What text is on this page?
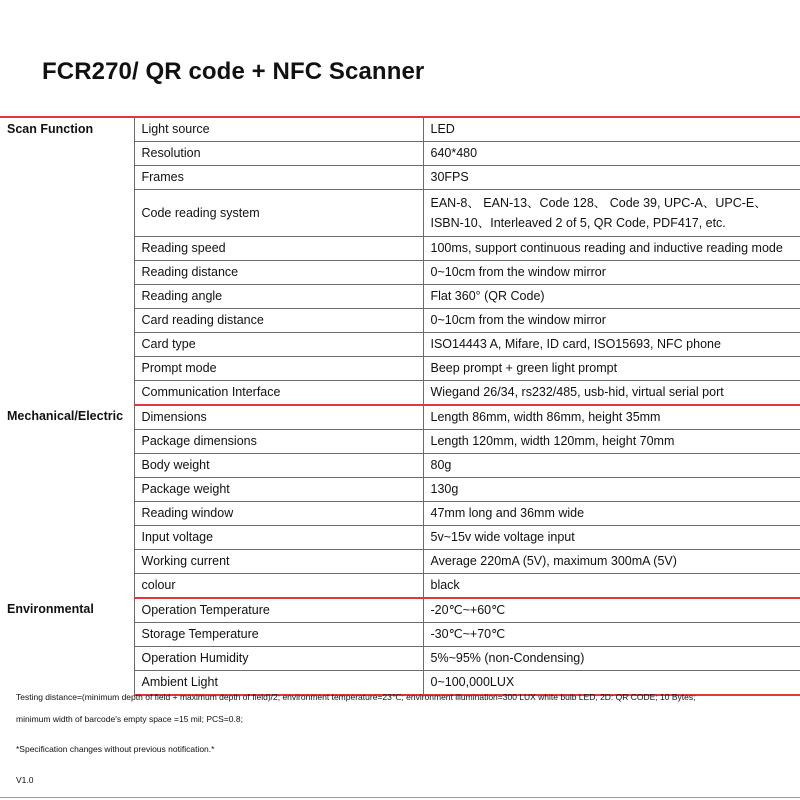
FCR270/ QR code + NFC Scanner
Scan Function	Light source	LED
	Resolution	640*480
	Frames	30FPS
	Code reading system	EAN-8、 EAN-13、Code 128、 Code 39, UPC-A、UPC-E、
ISBN-10、Interleaved 2 of 5, QR Code, PDF417, etc.

	Reading speed	100ms, support continuous reading and inductive reading mode
	Reading distance	0~10cm from the window mirror
	Reading angle	Flat 360° (QR Code)
	Card reading distance	0~10cm from the window mirror
	Card type	ISO14443 A, Mifare, ID card, ISO15693, NFC phone
	Prompt mode	Beep prompt + green light prompt
	Communication Interface	Wiegand 26/34, rs232/485, usb-hid, virtual serial port
Mechanical/Electric	Dimensions	Length 86mm, width 86mm, height 35mm
	Package dimensions	Length 120mm, width 120mm, height 70mm
	Body weight	80g
	Package weight	130g
	Reading window	47mm long and 36mm wide
	Input voltage	5v~15v wide voltage input
	Working current	Average 220mA (5V), maximum 300mA (5V)
	colour	black
Environmental	Operation Temperature	-20℃~+60℃
	Storage Temperature	-30℃~+70℃
	Operation Humidity	5%~95% (non-Condensing)
	Ambient Light	0~100,000LUX
Testing distance=(minimum depth of field + maximum depth of field)/2; environment temperature=23℃; environment illumination=300 LUX white bulb LED, 2D: QR CODE; 10 Bytes;
minimum width of barcode's empty space =15 mil; PCS=0.8;
*Specification changes without previous notification.*
V1.0
